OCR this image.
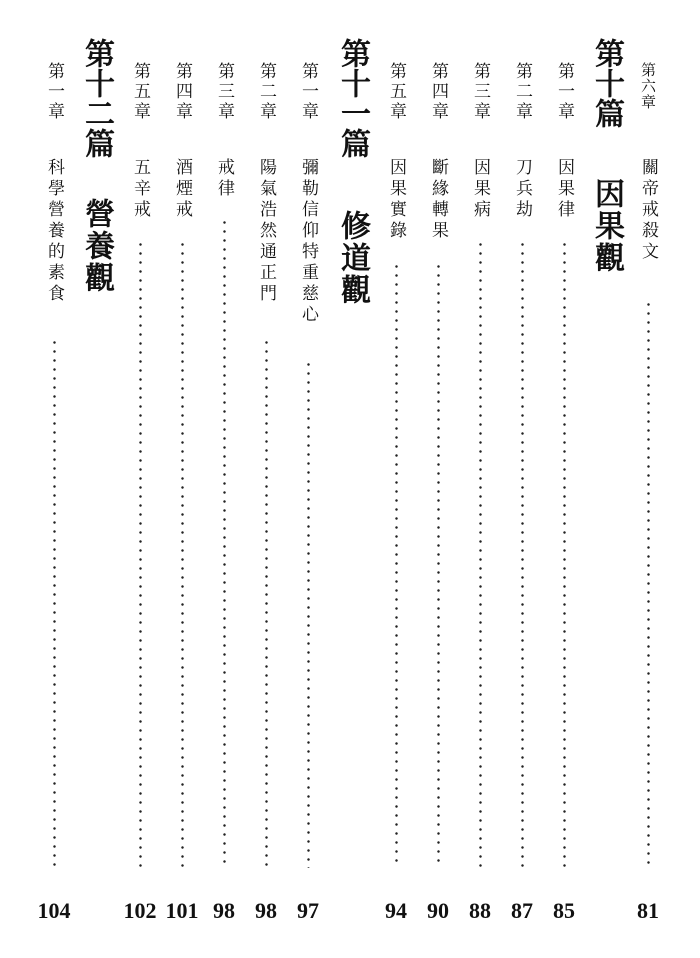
第六章
關帝戒殺文
81
第十篇
因果觀
第一章
因果律
85
第二章
刀兵劫
87
第三章
因果病
88
第四章
斷緣轉果
90
第五章
因果實錄
94
第十一篇
修道觀
第一章
彌勒信仰特重慈心
97
第二章
陽氣浩然通正門
98
第三章
戒律
98
第四章
酒煙戒
101
第五章
五辛戒
102
第十二篇
營養觀
第一章
科學營養的素食
104
